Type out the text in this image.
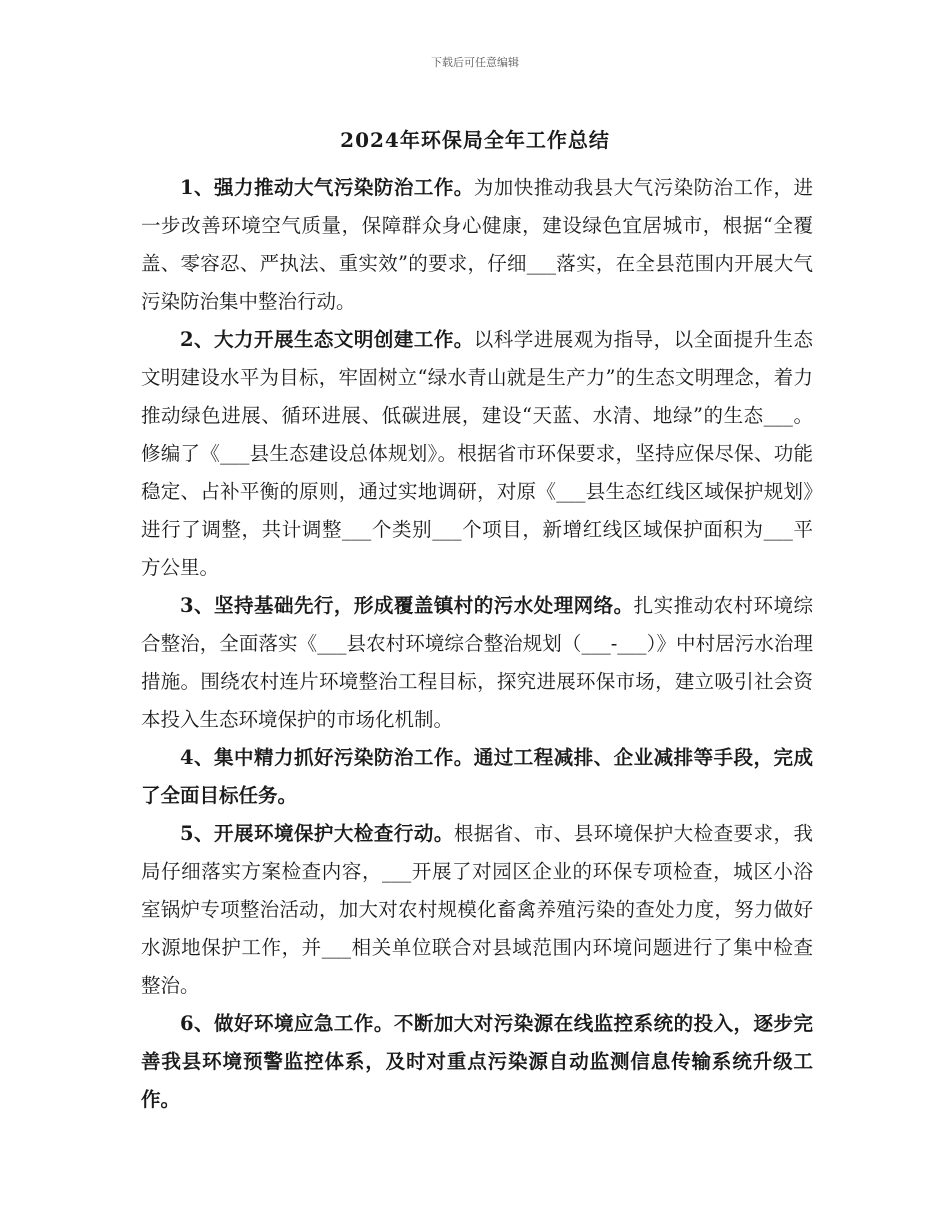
下载后可任意编辑
2024年环保局全年工作总结

1、强力推动大气污染防治工作。为加快推动我县大气污染防治工作，进一步改善环境空气质量，保障群众身心健康，建设绿色宜居城市，根据“全覆盖、零容忍、严执法、重实效”的要求，仔细___落实，在全县范围内开展大气污染防治集中整治行动。

2、大力开展生态文明创建工作。以科学进展观为指导，以全面提升生态文明建设水平为目标，牢固树立“绿水青山就是生产力”的生态文明理念，着力推动绿色进展、循环进展、低碳进展，建设“天蓝、水清、地绿”的生态___。修编了《___县生态建设总体规划》。根据省市环保要求，坚持应保尽保、功能稳定、占补平衡的原则，通过实地调研，对原《___县生态红线区域保护规划》进行了调整，共计调整___个类别___个项目，新增红线区域保护面积为___平方公里。

3、坚持基础先行，形成覆盖镇村的污水处理网络。扎实推动农村环境综合整治，全面落实《___县农村环境综合整治规划（___-___）》中村居污水治理措施。围绕农村连片环境整治工程目标，探究进展环保市场，建立吸引社会资本投入生态环境保护的市场化机制。

4、集中精力抓好污染防治工作。通过工程减排、企业减排等手段，完成了全面目标任务。

5、开展环境保护大检查行动。根据省、市、县环境保护大检查要求，我局仔细落实方案检查内容，___开展了对园区企业的环保专项检查，城区小浴室锅炉专项整治活动，加大对农村规模化畜禽养殖污染的查处力度，努力做好水源地保护工作，并___相关单位联合对县域范围内环境问题进行了集中检查整治。

6、做好环境应急工作。不断加大对污染源在线监控系统的投入，逐步完善我县环境预警监控体系，及时对重点污染源自动监测信息传输系统升级工作。
